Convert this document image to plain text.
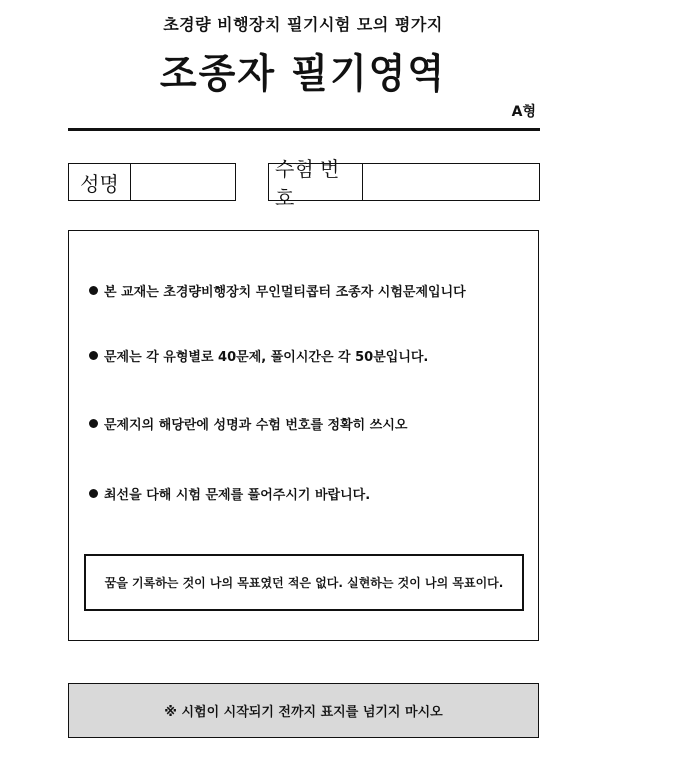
초경량 비행장치 필기시험 모의 평가지
조종자 필기영역
A형
성명
수험 번호
본 교재는 초경량비행장치 무인멀티콥터 조종자 시험문제입니다
문제는 각 유형별로 40문제, 풀이시간은 각 50분입니다.
문제지의 해당란에 성명과 수험 번호를 정확히 쓰시오
최선을 다해 시험 문제를 풀어주시기 바랍니다.
꿈을 기록하는 것이 나의 목표였던 적은 없다. 실현하는 것이 나의 목표이다.
※ 시험이 시작되기 전까지 표지를 넘기지 마시오
